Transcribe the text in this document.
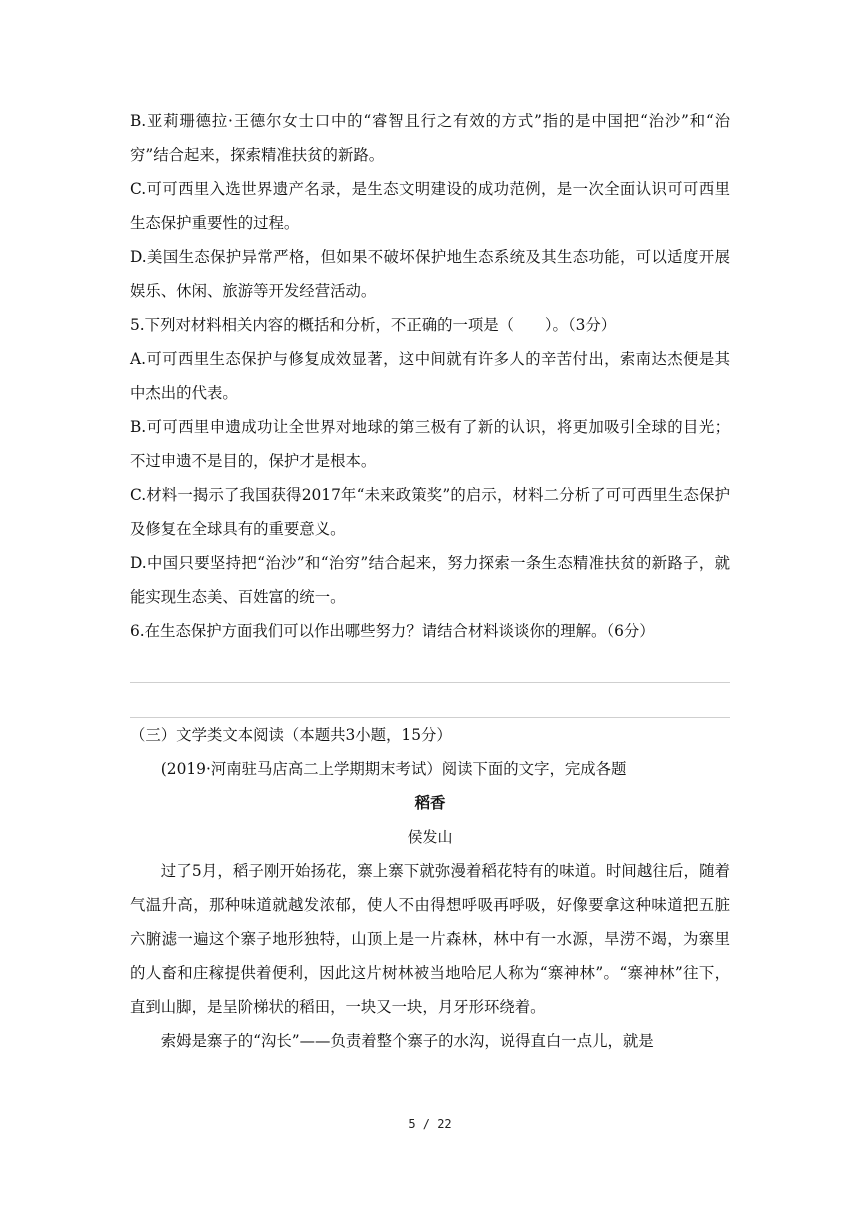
B.亚莉珊德拉·王德尔女士口中的“睿智且行之有效的方式”指的是中国把“治沙”和“治穷”结合起来，探索精准扶贫的新路。

C.可可西里入选世界遗产名录，是生态文明建设的成功范例，是一次全面认识可可西里生态保护重要性的过程。

D.美国生态保护异常严格，但如果不破坏保护地生态系统及其生态功能，可以适度开展娱乐、休闲、旅游等开发经营活动。

5.下列对材料相关内容的概括和分析，不正确的一项是（　　）。（3分）

A.可可西里生态保护与修复成效显著，这中间就有许多人的辛苦付出，索南达杰便是其中杰出的代表。

B.可可西里申遗成功让全世界对地球的第三极有了新的认识，将更加吸引全球的目光；不过申遗不是目的，保护才是根本。

C.材料一揭示了我国获得2017年“未来政策奖”的启示，材料二分析了可可西里生态保护及修复在全球具有的重要意义。

D.中国只要坚持把“治沙”和“治穷”结合起来，努力探索一条生态精准扶贫的新路子，就能实现生态美、百姓富的统一。

6.在生态保护方面我们可以作出哪些努力？请结合材料谈谈你的理解。（6分）

（三）文学类文本阅读（本题共3小题，15分）

(2019·河南驻马店高二上学期期末考试）阅读下面的文字，完成各题

稻香

侯发山

过了5月，稻子刚开始扬花，寨上寨下就弥漫着稻花特有的味道。时间越往后，随着气温升高，那种味道就越发浓郁，使人不由得想呼吸再呼吸，好像要拿这种味道把五脏六腑滤一遍这个寨子地形独特，山顶上是一片森林，林中有一水源，旱涝不竭，为寨里的人畜和庄稼提供着便利，因此这片树林被当地哈尼人称为“寨神林”。“寨神林”往下，直到山脚，是呈阶梯状的稻田，一块又一块，月牙形环绕着。

索姆是寨子的“沟长”——负责着整个寨子的水沟，说得直白一点儿，就是

5 / 22
